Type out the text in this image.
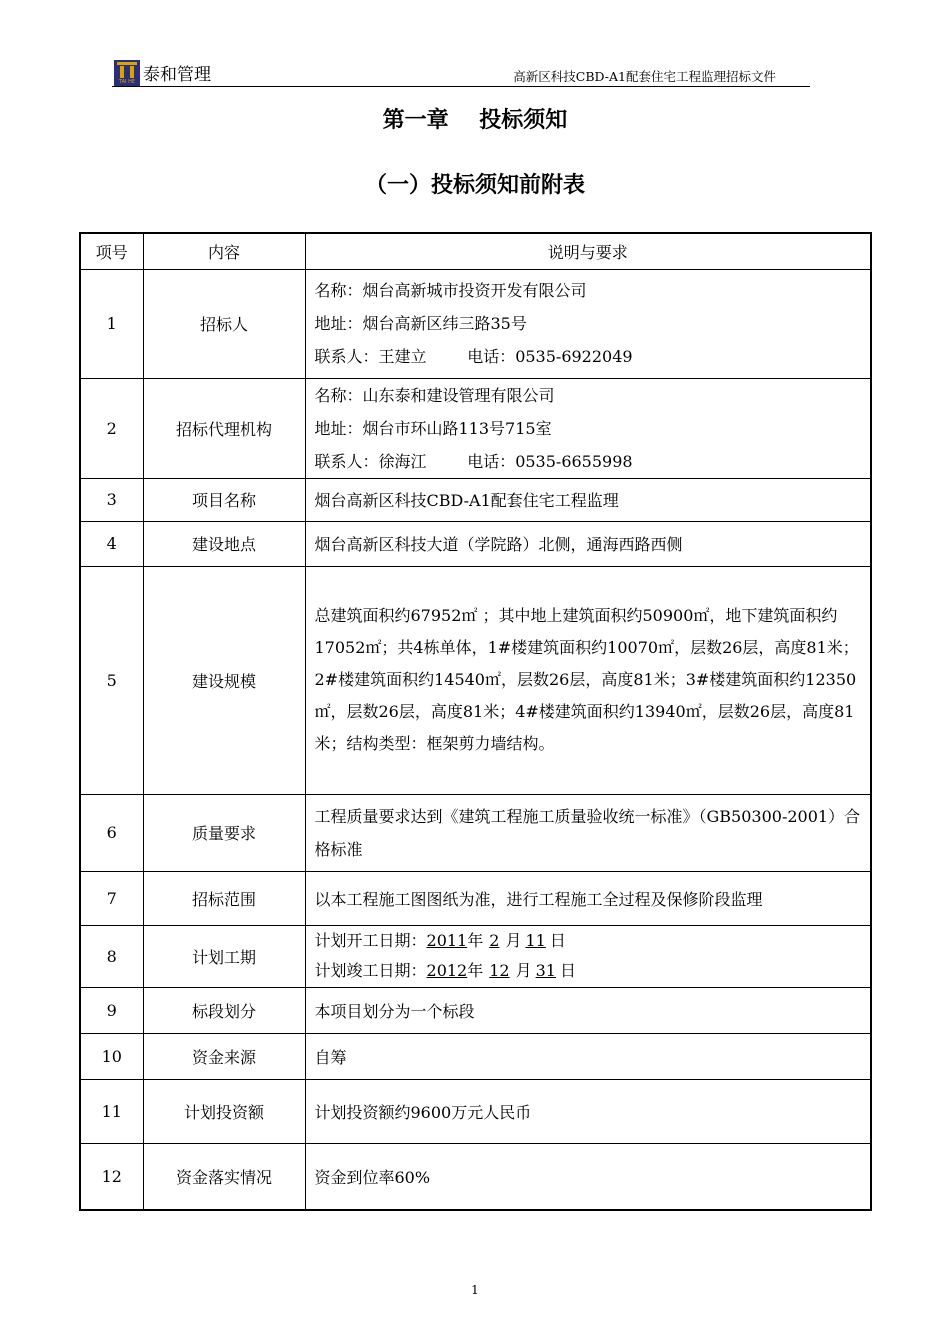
TAI HE 泰和管理	高新区科技CBD-A1配套住宅工程监理招标文件
第一章    投标须知
（一）投标须知前附表
项号	内容	说明与要求
1	招标人	名称：烟台高新城市投资开发有限公司
地址：烟台高新区纬三路35号
联系人：王建立        电话：0535-6922049

2	招标代理机构	名称：山东泰和建设管理有限公司
地址：烟台市环山路113号715室
联系人：徐海江        电话：0535-6655998

3	项目名称	烟台高新区科技CBD-A1配套住宅工程监理
4	建设地点	烟台高新区科技大道（学院路）北侧，通海西路西侧
5	建设规模	总建筑面积约67952㎡ ；其中地上建筑面积约50900㎡，地下建筑面积约17052㎡；共4栋单体，1#楼建筑面积约10070㎡，层数26层，高度81米；2#楼建筑面积约14540㎡，层数26层，高度81米；3#楼建筑面积约12350㎡，层数26层，高度81米；4#楼建筑面积约13940㎡，层数26层，高度81米；结构类型：框架剪力墙结构。

6	质量要求	工程质量要求达到《建筑工程施工质量验收统一标准》（GB50300-2001）合格标准

7	招标范围	以本工程施工图图纸为准，进行工程施工全过程及保修阶段监理
8	计划工期	计划开工日期：2011年 2 月 11 日
计划竣工日期：2012年 12 月 31 日

9	标段划分	本项目划分为一个标段
10	资金来源	自筹
11	计划投资额	计划投资额约9600万元人民币
12	资金落实情况	资金到位率60%
1
